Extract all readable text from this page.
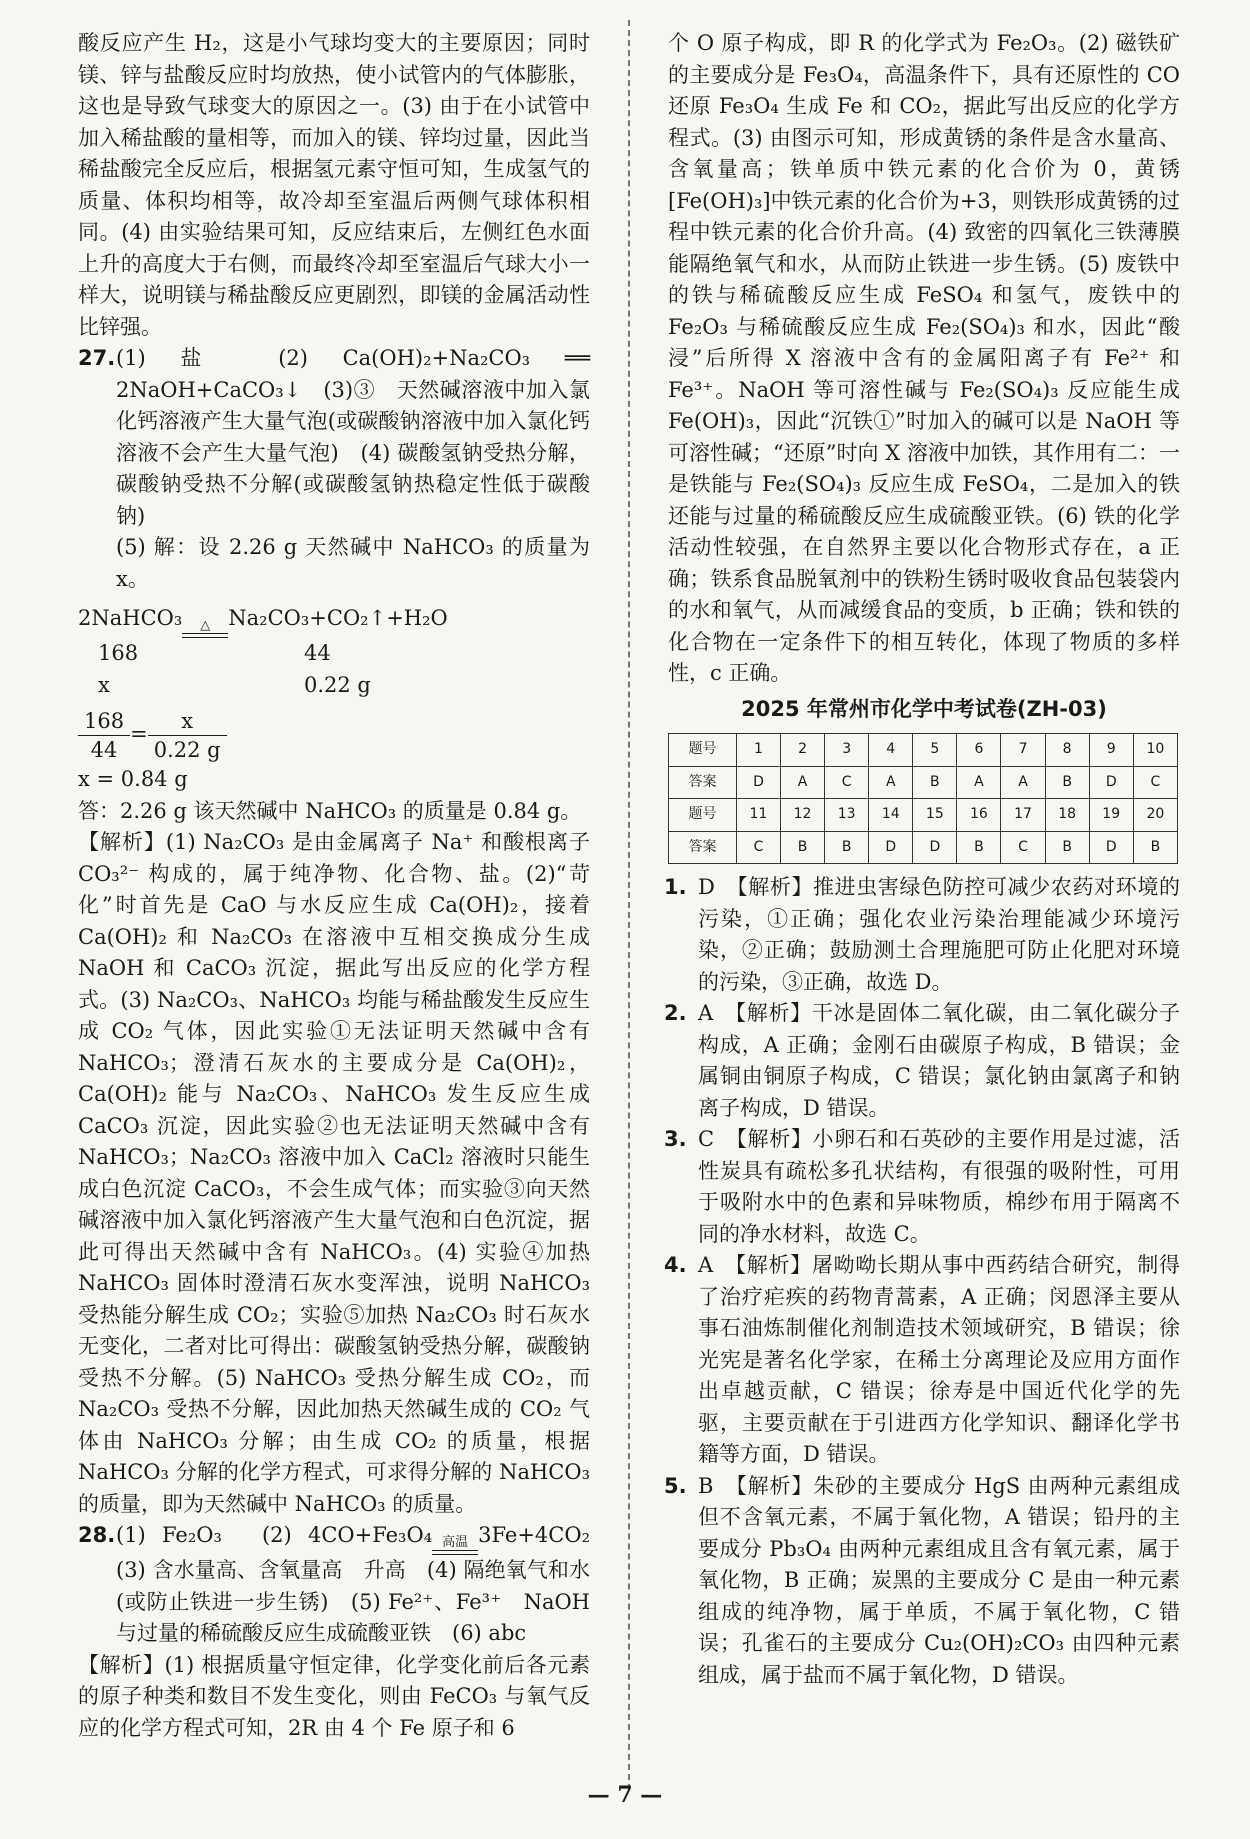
酸反应产生 H₂，这是小气球均变大的主要原因；同时镁、锌与盐酸反应时均放热，使小试管内的气体膨胀，这也是导致气球变大的原因之一。(3) 由于在小试管中加入稀盐酸的量相等，而加入的镁、锌均过量，因此当稀盐酸完全反应后，根据氢元素守恒可知，生成氢气的质量、体积均相等，故冷却至室温后两侧气球体积相同。(4) 由实验结果可知，反应结束后，左侧红色水面上升的高度大于右侧，而最终冷却至室温后气球大小一样大，说明镁与稀盐酸反应更剧烈，即镁的金属活动性比锌强。

27.(1) 盐　(2) Ca(OH)₂+Na₂CO₃ ══ 2NaOH+CaCO₃↓　(3)③　天然碱溶液中加入氯化钙溶液产生大量气泡(或碳酸钠溶液中加入氯化钙溶液不会产生大量气泡)　(4) 碳酸氢钠受热分解，碳酸钠受热不分解(或碳酸氢钠热稳定性低于碳酸钠)

(5) 解：设 2.26 g 天然碱中 NaHCO₃ 的质量为 x。

2NaHCO₃	△ Na₂CO₃+CO₂↑+H₂O
168	44
x	0.22 g
$\frac{168}{44} = \frac{x}{0.22 g}$

x = 0.84 g

答：2.26 g 该天然碱中 NaHCO₃ 的质量是 0.84 g。

【解析】(1) Na₂CO₃ 是由金属离子 Na⁺ 和酸根离子 CO₃²⁻ 构成的，属于纯净物、化合物、盐。(2)“苛化”时首先是 CaO 与水反应生成 Ca(OH)₂，接着 Ca(OH)₂ 和 Na₂CO₃ 在溶液中互相交换成分生成 NaOH 和 CaCO₃ 沉淀，据此写出反应的化学方程式。(3) Na₂CO₃、NaHCO₃ 均能与稀盐酸发生反应生成 CO₂ 气体，因此实验①无法证明天然碱中含有 NaHCO₃；澄清石灰水的主要成分是 Ca(OH)₂，Ca(OH)₂ 能与 Na₂CO₃、NaHCO₃ 发生反应生成 CaCO₃ 沉淀，因此实验②也无法证明天然碱中含有 NaHCO₃；Na₂CO₃ 溶液中加入 CaCl₂ 溶液时只能生成白色沉淀 CaCO₃，不会生成气体；而实验③向天然碱溶液中加入氯化钙溶液产生大量气泡和白色沉淀，据此可得出天然碱中含有 NaHCO₃。(4) 实验④加热 NaHCO₃ 固体时澄清石灰水变浑浊，说明 NaHCO₃ 受热能分解生成 CO₂；实验⑤加热 Na₂CO₃ 时石灰水无变化，二者对比可得出：碳酸氢钠受热分解，碳酸钠受热不分解。(5) NaHCO₃ 受热分解生成 CO₂，而 Na₂CO₃ 受热不分解，因此加热天然碱生成的 CO₂ 气体由 NaHCO₃ 分解；由生成 CO₂ 的质量，根据 NaHCO₃ 分解的化学方程式，可求得分解的 NaHCO₃ 的质量，即为天然碱中 NaHCO₃ 的质量。

28.(1) Fe₂O₃　(2) 4CO+Fe₃O₄ 高温 3Fe+4CO₂　(3) 含水量高、含氧量高　升高　(4) 隔绝氧气和水(或防止铁进一步生锈)　(5) Fe²⁺、Fe³⁺　NaOH　与过量的稀硫酸反应生成硫酸亚铁　(6) abc

【解析】(1) 根据质量守恒定律，化学变化前后各元素的原子种类和数目不发生变化，则由 FeCO₃ 与氧气反应的化学方程式可知，2R 由 4 个 Fe 原子和 6

个 O 原子构成，即 R 的化学式为 Fe₂O₃。(2) 磁铁矿的主要成分是 Fe₃O₄，高温条件下，具有还原性的 CO 还原 Fe₃O₄ 生成 Fe 和 CO₂，据此写出反应的化学方程式。(3) 由图示可知，形成黄锈的条件是含水量高、含氧量高；铁单质中铁元素的化合价为 0，黄锈[Fe(OH)₃]中铁元素的化合价为+3，则铁形成黄锈的过程中铁元素的化合价升高。(4) 致密的四氧化三铁薄膜能隔绝氧气和水，从而防止铁进一步生锈。(5) 废铁中的铁与稀硫酸反应生成 FeSO₄ 和氢气，废铁中的 Fe₂O₃ 与稀硫酸反应生成 Fe₂(SO₄)₃ 和水，因此“酸浸”后所得 X 溶液中含有的金属阳离子有 Fe²⁺ 和 Fe³⁺。NaOH 等可溶性碱与 Fe₂(SO₄)₃ 反应能生成 Fe(OH)₃，因此“沉铁①”时加入的碱可以是 NaOH 等可溶性碱；“还原”时向 X 溶液中加铁，其作用有二：一是铁能与 Fe₂(SO₄)₃ 反应生成 FeSO₄，二是加入的铁还能与过量的稀硫酸反应生成硫酸亚铁。(6) 铁的化学活动性较强，在自然界主要以化合物形式存在，a 正确；铁系食品脱氧剂中的铁粉生锈时吸收食品包装袋内的水和氧气，从而减缓食品的变质，b 正确；铁和铁的化合物在一定条件下的相互转化，体现了物质的多样性，c 正确。

2025 年常州市化学中考试卷(ZH-03)
题号	1	2	3	4	5	6	7	8	9	10
答案	D	A	C	A	B	A	A	B	D	C
题号	11	12	13	14	15	16	17	18	19	20
答案	C	B	B	D	D	B	C	B	D	B
1. D　【解析】推进虫害绿色防控可减少农药对环境的污染，①正确；强化农业污染治理能减少环境污染，②正确；鼓励测土合理施肥可防止化肥对环境的污染，③正确，故选 D。

2. A　【解析】干冰是固体二氧化碳，由二氧化碳分子构成，A 正确；金刚石由碳原子构成，B 错误；金属铜由铜原子构成，C 错误；氯化钠由氯离子和钠离子构成，D 错误。

3. C　【解析】小卵石和石英砂的主要作用是过滤，活性炭具有疏松多孔状结构，有很强的吸附性，可用于吸附水中的色素和异味物质，棉纱布用于隔离不同的净水材料，故选 C。

4. A　【解析】屠呦呦长期从事中西药结合研究，制得了治疗疟疾的药物青蒿素，A 正确；闵恩泽主要从事石油炼制催化剂制造技术领域研究，B 错误；徐光宪是著名化学家，在稀土分离理论及应用方面作出卓越贡献，C 错误；徐寿是中国近代化学的先驱，主要贡献在于引进西方化学知识、翻译化学书籍等方面，D 错误。

5. B　【解析】朱砂的主要成分 HgS 由两种元素组成但不含氧元素，不属于氧化物，A 错误；铅丹的主要成分 Pb₃O₄ 由两种元素组成且含有氧元素，属于氧化物，B 正确；炭黑的主要成分 C 是由一种元素组成的纯净物，属于单质，不属于氧化物，C 错误；孔雀石的主要成分 Cu₂(OH)₂CO₃ 由四种元素组成，属于盐而不属于氧化物，D 错误。

— 7 —
